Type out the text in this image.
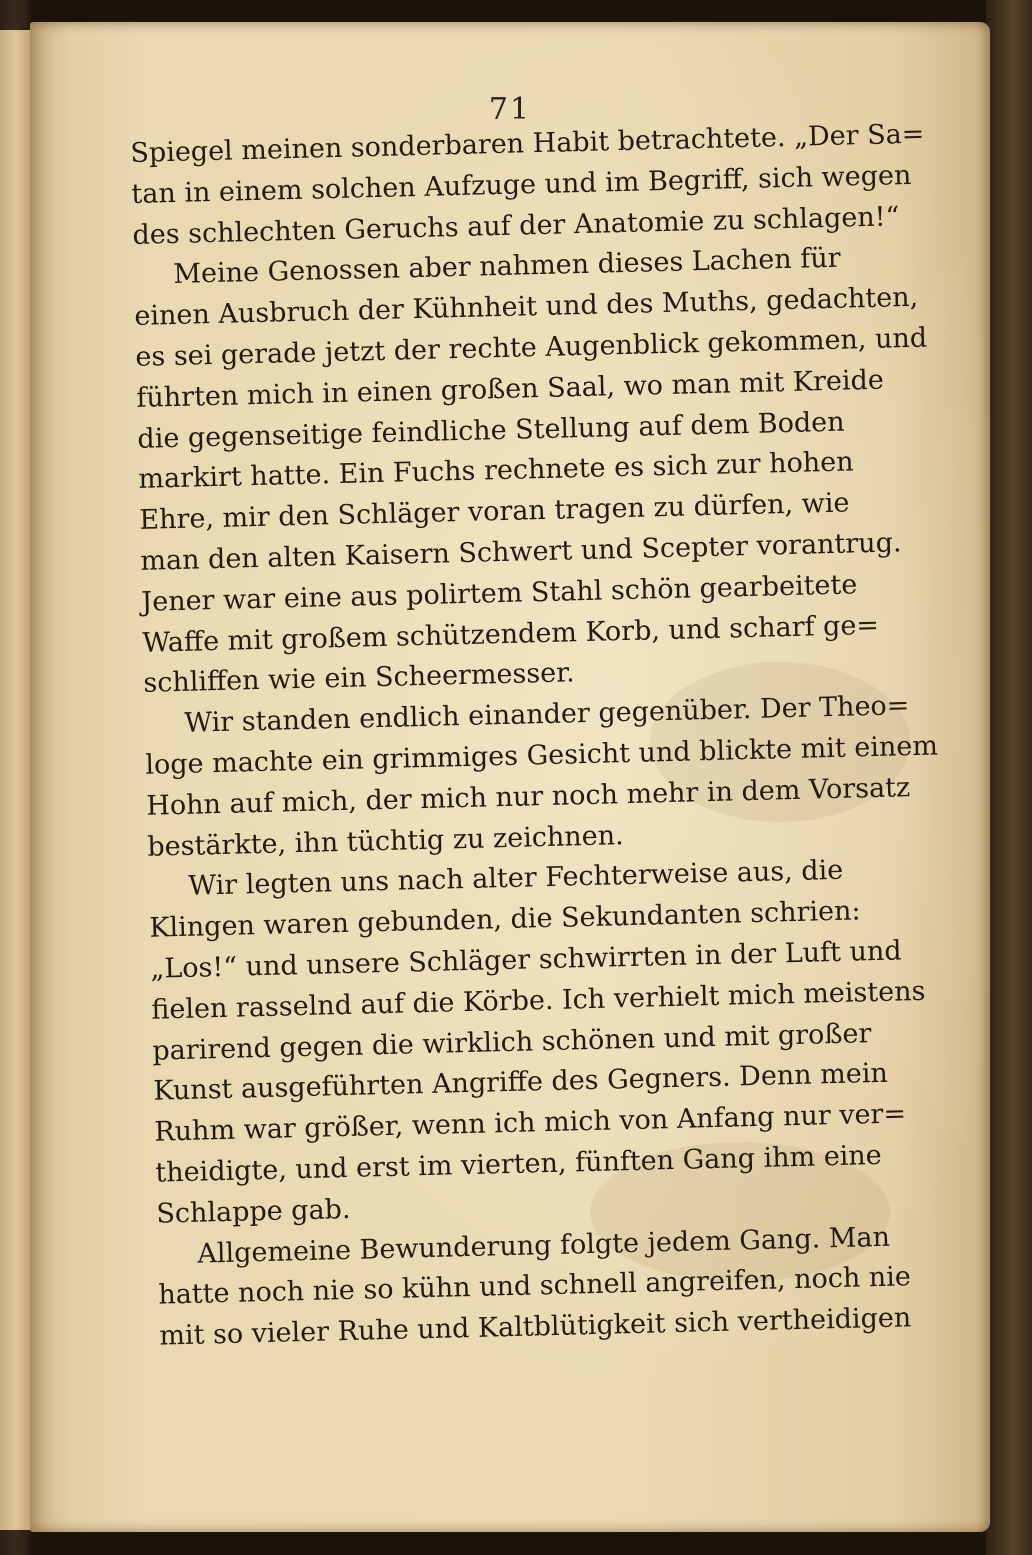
71
Spiegel meinen sonderbaren Habit betrachtete. „Der Sa=
tan in einem solchen Aufzuge und im Begriff, sich wegen
des schlechten Geruchs auf der Anatomie zu schlagen!“
Meine Genossen aber nahmen dieses Lachen für
einen Ausbruch der Kühnheit und des Muths, gedachten,
es sei gerade jetzt der rechte Augenblick gekommen, und
führten mich in einen großen Saal, wo man mit Kreide
die gegenseitige feindliche Stellung auf dem Boden
markirt hatte. Ein Fuchs rechnete es sich zur hohen
Ehre, mir den Schläger voran tragen zu dürfen, wie
man den alten Kaisern Schwert und Scepter vorantrug.
Jener war eine aus polirtem Stahl schön gearbeitete
Waffe mit großem schützendem Korb, und scharf ge=
schliffen wie ein Scheermesser.
Wir standen endlich einander gegenüber. Der Theo=
loge machte ein grimmiges Gesicht und blickte mit einem
Hohn auf mich, der mich nur noch mehr in dem Vorsatz
bestärkte, ihn tüchtig zu zeichnen.
Wir legten uns nach alter Fechterweise aus, die
Klingen waren gebunden, die Sekundanten schrien:
„Los!“ und unsere Schläger schwirrten in der Luft und
fielen rasselnd auf die Körbe. Ich verhielt mich meistens
parirend gegen die wirklich schönen und mit großer
Kunst ausgeführten Angriffe des Gegners. Denn mein
Ruhm war größer, wenn ich mich von Anfang nur ver=
theidigte, und erst im vierten, fünften Gang ihm eine
Schlappe gab.
Allgemeine Bewunderung folgte jedem Gang. Man
hatte noch nie so kühn und schnell angreifen, noch nie
mit so vieler Ruhe und Kaltblütigkeit sich vertheidigen
